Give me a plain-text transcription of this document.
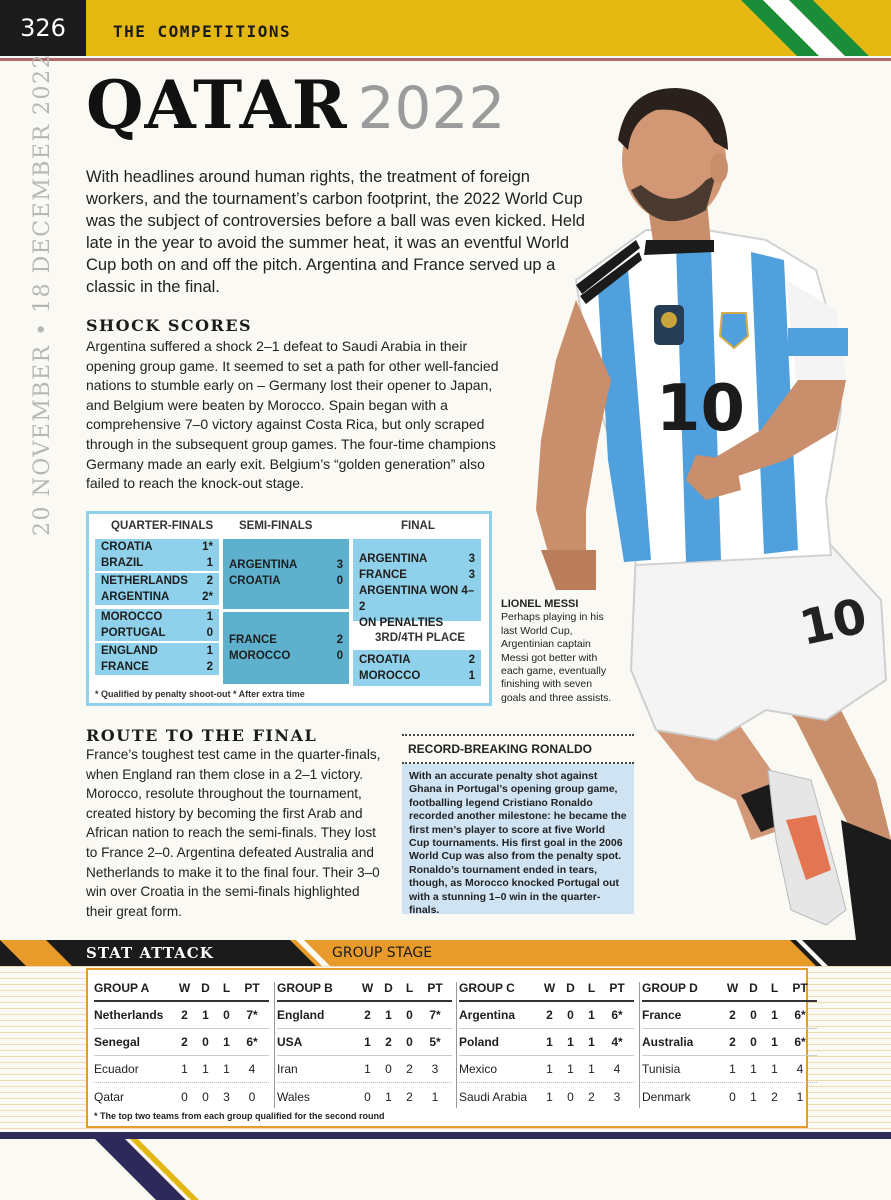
326	THE COMPETITIONS
20 NOVEMBER • 18 DECEMBER 2022 QATAR 2022

With headlines around human rights, the treatment of foreign workers, and the tournament’s carbon footprint, the 2022 World Cup was the subject of controversies before a ball was even kicked. Held late in the year to avoid the summer heat, it was an eventful World Cup both on and off the pitch. Argentina and France served up a classic in the final.

SHOCK SCORES

Argentina suffered a shock 2–1 defeat to Saudi Arabia in their opening group game. It seemed to set a path for other well-fancied nations to stumble early on – Germany lost their opener to Japan, and Belgium were beaten by Morocco. Spain began with a comprehensive 7–0 victory against Costa Rica, but only scraped through in the subsequent group games. The four-time champions Germany made an early exit. Belgium’s “golden generation” also failed to reach the knock-out stage.

QUARTER-FINALS SEMI-FINALS	FINAL
CROATIA	1*
BRAZIL	1
NETHERLANDS 2
ARGENTINA	2*
MOROCCO	1
PORTUGAL	0
ENGLAND	1
FRANCE	2
ARGENTINA	3
CROATIA	0
FRANCE	2
MOROCCO	0
ARGENTINA	3
FRANCE	3
ARGENTINA WON 4–2
ON PENALTIES
3RD/4TH PLACE
CROATIA	2
MOROCCO	1
* Qualified by penalty shoot-out * After extra time
ROUTE TO THE FINAL

France’s toughest test came in the quarter-finals, when England ran them close in a 2–1 victory. Morocco, resolute throughout the tournament, created history by becoming the first Arab and African nation to reach the semi-finals. They lost to France 2–0. Argentina defeated Australia and Netherlands to make it to the final four. Their 3–0 win over Croatia in the semi-finals highlighted their great form.

10
10
LIONEL MESSI
Perhaps playing in his last World Cup, Argentinian captain Messi got better with each game, eventually finishing with seven goals and three assists.
RECORD-BREAKING RONALDO
With an accurate penalty shot against Ghana in Portugal’s opening group game, footballing legend Cristiano Ronaldo recorded another milestone: he became the first men’s player to score at five World Cup tournaments. His first goal in the 2006 World Cup was also from the penalty spot. Ronaldo’s tournament ended in tears, though, as Morocco knocked Portugal out with a stunning 1–0 win in the quarter-finals.
STAT ATTACK	GROUP STAGE
GROUP A	W D	L	PT
Netherlands	2	1	0	7*
Senegal	2	0	1	6*
Ecuador	1	1	1	4
Qatar	0	0	3	0
GROUP B	W D	L	PT
England	2	1	0	7*
USA	1	2	0	5*
Iran	1	0	2	3
Wales	0	1	2	1
GROUP C	W D	L	PT
Argentina	2	0	1	6*
Poland	1	1	1	4*
Mexico	1	1	1	4
Saudi Arabia	1	0	2	3
GROUP D	W D	L	PT
France	2	0	1	6*
Australia	2	0	1	6*
Tunisia	1	1	1	4
Denmark	0	1	2	1
* The top two teams from each group qualified for the second round
